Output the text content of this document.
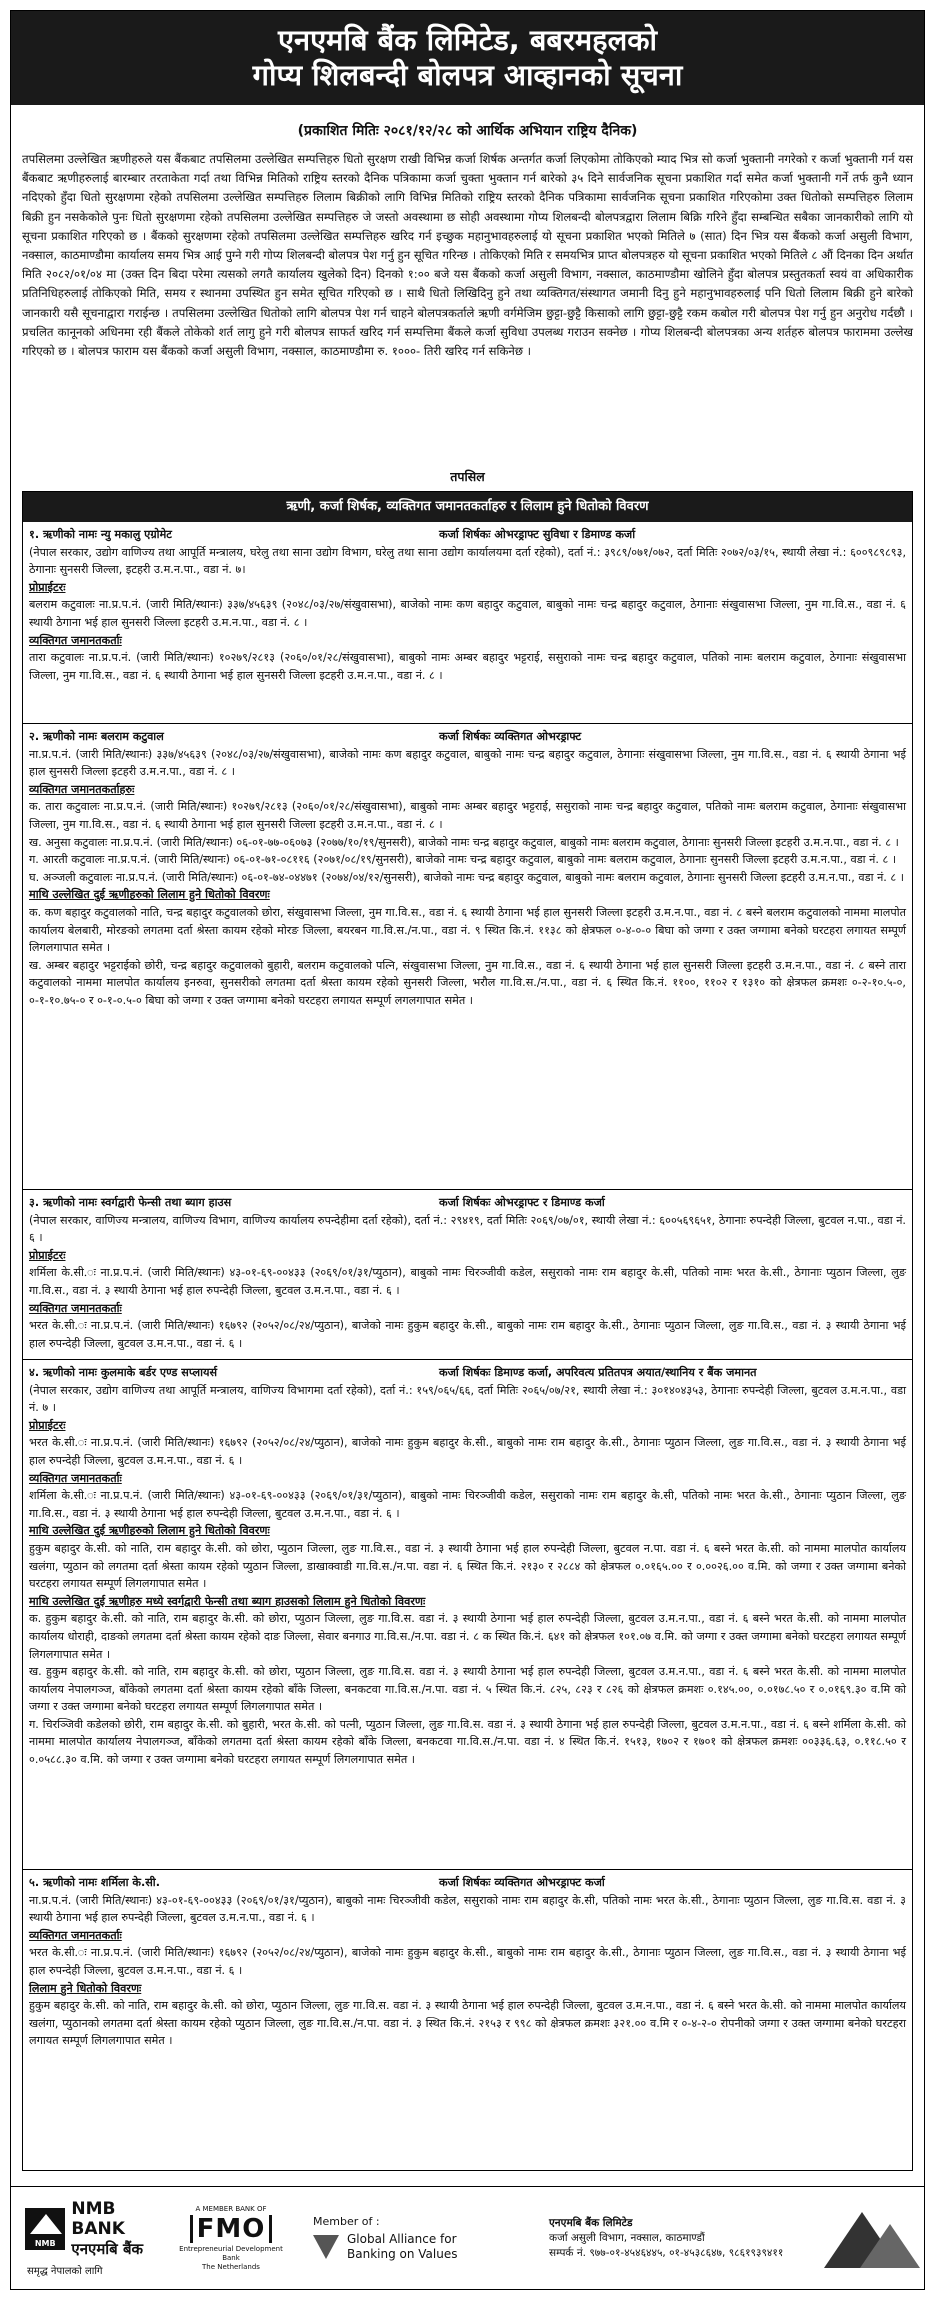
एनएमबि बैंक लिमिटेड, बबरमहलको
गोप्य शिलबन्दी बोलपत्र आव्हानको सूचना
(प्रकाशित मितिः २०८१/१२/२८ को आर्थिक अभियान राष्ट्रिय दैनिक)
तपसिलमा उल्लेखित ऋणीहरुले यस बैंकबाट तपसिलमा उल्लेखित सम्पत्तिहरु धितो सुरक्षण राखी विभिन्न कर्जा शिर्षक अन्तर्गत कर्जा लिएकोमा तोकिएको म्याद भित्र सो कर्जा भुक्तानी नगरेको र कर्जा भुक्तानी गर्न यस बैंकबाट ऋणीहरुलाई बारम्बार तरताकेता गर्दा तथा विभिन्न मितिको राष्ट्रिय स्तरको दैनिक पत्रिकामा कर्जा चुक्ता भुक्तान गर्न बारेको ३५ दिने सार्वजनिक सूचना प्रकाशित गर्दा समेत कर्जा भुक्तानी गर्ने तर्फ कुनै ध्यान नदिएको हुँदा धितो सुरक्षणमा रहेको तपसिलमा उल्लेखित सम्पत्तिहरु लिलाम बिक्रीको लागि विभिन्न मितिको राष्ट्रिय स्तरको दैनिक पत्रिकामा सार्वजनिक सूचना प्रकाशित गरिएकोमा उक्त धितोको सम्पत्तिहरु लिलाम बिक्री हुन नसकेकोले पुनः धितो सुरक्षणमा रहेको तपसिलमा उल्लेखित सम्पत्तिहरु जे जस्तो अवस्थामा छ सोही अवस्थामा गोप्य शिलबन्दी बोलपत्रद्वारा लिलाम बिक्रि गरिने हुँदा सम्बन्धित सबैका जानकारीको लागि यो सूचना प्रकाशित गरिएको छ । बैंकको सुरक्षणमा रहेको तपसिलमा उल्लेखित सम्पत्तिहरु खरिद गर्न इच्छुक महानुभावहरुलाई यो सूचना प्रकाशित भएको मितिले ७ (सात) दिन भित्र यस बैंकको कर्जा असुली विभाग, नक्साल, काठमाण्डौमा कार्यालय समय भित्र आई पुग्ने गरी गोप्य शिलबन्दी बोलपत्र पेश गर्नु हुन सूचित गरिन्छ । तोकिएको मिति र समयभित्र प्राप्त बोलपत्रहरु यो सूचना प्रकाशित भएको मितिले ८ औं दिनका दिन अर्थात मिति २०८२/०१/०४ मा (उक्त दिन बिदा परेमा त्यसको लगतै कार्यालय खुलेको दिन) दिनको १:०० बजे यस बैंकको कर्जा असुली विभाग, नक्साल, काठमाण्डौमा खोलिने हुँदा बोलपत्र प्रस्तुतकर्ता स्वयं वा अधिकारीक प्रतिनिधिहरुलाई तोकिएको मिति, समय र स्थानमा उपस्थित हुन समेत सूचित गरिएको छ । साथै धितो लिखिदिनु हुने तथा व्यक्तिगत/संस्थागत जमानी दिनु हुने महानुभावहरुलाई पनि धितो लिलाम बिक्री हुने बारेको जानकारी यसै सूचनाद्वारा गराईन्छ । तपसिलमा उल्लेखित धितोको लागि बोलपत्र पेश गर्न चाहने बोलपत्रकर्ताले ऋणी वर्गमेजिम छुट्टा-छुट्टै किसाको लागि छुट्टा-छुट्टै रकम कबोल गरी बोलपत्र पेश गर्नु हुन अनुरोध गर्दछौ । प्रचलित कानूनको अधिनमा रही बैंकले तोकेको शर्त लागु हुने गरी बोलपत्र साफर्त खरिद गर्न सम्पत्तिमा बैंकले कर्जा सुविधा उपलब्ध गराउन सक्नेछ । गोप्य शिलबन्दी बोलपत्रका अन्य शर्तहरु बोलपत्र फाराममा उल्लेख गरिएको छ । बोलपत्र फाराम यस बैंकको कर्जा असुली विभाग, नक्साल, काठमाण्डौमा रु. १०००- तिरी खरिद गर्न सकिनेछ ।
तपसिल
ऋणी, कर्जा शिर्षक, व्यक्तिगत जमानतकर्ताहरु र लिलाम हुने धितोको विवरण
१. ऋणीको नामः न्यु मकालु एग्रोमेट	कर्जा शिर्षकः ओभरड्राफ्ट सुविधा र डिमाण्ड कर्जा

(नेपाल सरकार, उद्योग वाणिज्य तथा आपूर्ति मन्त्रालय, घरेलु तथा साना उद्योग विभाग, घरेलु तथा साना उद्योग कार्यालयमा दर्ता रहेको), दर्ता नं.: ३९८९/०७१/०७२, दर्ता मितिः २०७२/०३/१५, स्थायी लेखा नं.: ६००९८९८९३, ठेगानाः सुनसरी जिल्ला, इटहरी उ.म.न.पा., वडा नं. ७।

प्रोप्राईटरः

बलराम कटुवालः ना.प्र.प.नं. (जारी मिति/स्थानः) ३३७/४५६३९ (२०४८/०३/२७/संखुवासभा), बाजेको नामः कण बहादुर कटुवाल, बाबुको नामः चन्द्र बहादुर कटुवाल, ठेगानाः संखुवासभा जिल्ला, नुम गा.वि.स., वडा नं. ६ स्थायी ठेगाना भई हाल सुनसरी जिल्ला इटहरी उ.म.न.पा., वडा नं. ८ ।

व्यक्तिगत जमानतकर्ताः

तारा कटुवालः ना.प्र.प.नं. (जारी मिति/स्थानः) १०२७९/२८१३ (२०६०/०१/२८/संखुवासभा), बाबुको नामः अम्बर बहादुर भट्टराई, ससुराको नामः चन्द्र बहादुर कटुवाल, पतिको नामः बलराम कटुवाल, ठेगानाः संखुवासभा जिल्ला, नुम गा.वि.स., वडा नं. ६ स्थायी ठेगाना भई हाल सुनसरी जिल्ला इटहरी उ.म.न.पा., वडा नं. ८ ।

२. ऋणीको नामः बलराम कटुवाल	कर्जा शिर्षकः व्यक्तिगत ओभरड्राफ्ट

ना.प्र.प.नं. (जारी मिति/स्थानः) ३३७/४५६३९ (२०४८/०३/२७/संखुवासभा), बाजेको नामः कण बहादुर कटुवाल, बाबुको नामः चन्द्र बहादुर कटुवाल, ठेगानाः संखुवासभा जिल्ला, नुम गा.वि.स., वडा नं. ६ स्थायी ठेगाना भई हाल सुनसरी जिल्ला इटहरी उ.म.न.पा., वडा नं. ८ ।

व्यक्तिगत जमानतकर्ताहरुः

क. तारा कटुवालः ना.प्र.प.नं. (जारी मिति/स्थानः) १०२७९/२८१३ (२०६०/०१/२८/संखुवासभा), बाबुको नामः अम्बर बहादुर भट्टराई, ससुराको नामः चन्द्र बहादुर कटुवाल, पतिको नामः बलराम कटुवाल, ठेगानाः संखुवासभा जिल्ला, नुम गा.वि.स., वडा नं. ६ स्थायी ठेगाना भई हाल सुनसरी जिल्ला इटहरी उ.म.न.पा., वडा नं. ८ ।

ख. अनुसा कटुवालः ना.प्र.प.नं. (जारी मिति/स्थानः) ०६-०१-७७-०६०७३ (२०७७/१०/१९/सुनसरी), बाजेको नामः चन्द्र बहादुर कटुवाल, बाबुको नामः बलराम कटुवाल, ठेगानाः सुनसरी जिल्ला इटहरी उ.म.न.पा., वडा नं. ८ ।

ग. आरती कटुवालः ना.प्र.प.नं. (जारी मिति/स्थानः) ०६-०१-७१-०८११६ (२०७१/०८/१९/सुनसरी), बाजेको नामः चन्द्र बहादुर कटुवाल, बाबुको नामः बलराम कटुवाल, ठेगानाः सुनसरी जिल्ला इटहरी उ.म.न.पा., वडा नं. ८ ।

घ. अञ्जली कटुवालः ना.प्र.प.नं. (जारी मिति/स्थानः) ०६-०१-७४-०४४७१ (२०७४/०४/१२/सुनसरी), बाजेको नामः चन्द्र बहादुर कटुवाल, बाबुको नामः बलराम कटुवाल, ठेगानाः सुनसरी जिल्ला इटहरी उ.म.न.पा., वडा नं. ८ ।

माथि उल्लेखित दुई ऋणीहरुको लिलाम हुने धितोको विवरणः

क. कण बहादुर कटुवालको नाति, चन्द्र बहादुर कटुवालको छोरा, संखुवासभा जिल्ला, नुम गा.वि.स., वडा नं. ६ स्थायी ठेगाना भई हाल सुनसरी जिल्ला इटहरी उ.म.न.पा., वडा नं. ८ बस्ने बलराम कटुवालको नाममा मालपोत कार्यालय बेलबारी, मोरङको लगतमा दर्ता श्रेस्ता कायम रहेको मोरङ जिल्ला, बयरबन गा.वि.स./न.पा., वडा नं. ९ स्थित कि.नं. ११३८ को क्षेत्रफल ०-४-०-० बिघा को जग्गा र उक्त जग्गामा बनेको घरटहरा लगायत सम्पूर्ण लिगलगापात समेत ।

ख. अम्बर बहादुर भट्टराईको छोरी, चन्द्र बहादुर कटुवालको बुहारी, बलराम कटुवालको पत्नि, संखुवासभा जिल्ला, नुम गा.वि.स., वडा नं. ६ स्थायी ठेगाना भई हाल सुनसरी जिल्ला इटहरी उ.म.न.पा., वडा नं. ८ बस्ने तारा कटुवालको नाममा मालपोत कार्यालय इनरुवा, सुनसरीको लगतमा दर्ता श्रेस्ता कायम रहेको सुनसरी जिल्ला, भरौल गा.वि.स./न.पा., वडा नं. ६ स्थित कि.नं. ११००, ११०२ र १३१० को क्षेत्रफल क्रमशः ०-२-१०.५-०, ०-१-१०.७५-० र ०-१-०.५-० बिघा को जग्गा र उक्त जग्गामा बनेको घरटहरा लगायत सम्पूर्ण लगलगापात समेत ।

३. ऋणीको नामः स्वर्गद्वारी फेन्सी तथा ब्याग हाउस	कर्जा शिर्षकः ओभरड्राफ्ट र डिमाण्ड कर्जा

(नेपाल सरकार, वाणिज्य मन्त्रालय, वाणिज्य विभाग, वाणिज्य कार्यालय रुपन्देहीमा दर्ता रहेको), दर्ता नं.: २९४१९, दर्ता मितिः २०६९/०७/०१, स्थायी लेखा नं.: ६००५६९६५१, ठेगानाः रुपन्देही जिल्ला, बुटवल न.पा., वडा नं. ६ ।

प्रोप्राईटरः

शर्मिला के.सी.ः ना.प्र.प.नं. (जारी मिति/स्थानः) ४३-०१-६९-००४३३ (२०६९/०१/३१/प्युठान), बाबुको नामः चिरञ्जीवी कडेल, ससुराको नामः राम बहादुर के.सी, पतिको नामः भरत के.सी., ठेगानाः प्युठान जिल्ला, लुङ गा.वि.स., वडा नं. ३ स्थायी ठेगाना भई हाल रुपन्देही जिल्ला, बुटवल उ.म.न.पा., वडा नं. ६ ।

व्यक्तिगत जमानतकर्ताः

भरत के.सी.ः ना.प्र.प.नं. (जारी मिति/स्थानः) १६७९२ (२०५२/०८/२४/प्युठान), बाजेको नामः हुकुम बहादुर के.सी., बाबुको नामः राम बहादुर के.सी., ठेगानाः प्युठान जिल्ला, लुङ गा.वि.स., वडा नं. ३ स्थायी ठेगाना भई हाल रुपन्देही जिल्ला, बुटवल उ.म.न.पा., वडा नं. ६ ।

४. ऋणीको नामः कुलमाके बर्डर एण्ड सप्लायर्स	कर्जा शिर्षकः डिमाण्ड कर्जा, अपरिवत्य प्रतितपत्र अयात/स्थानिय र बैंक जमानत

(नेपाल सरकार, उद्योग वाणिज्य तथा आपूर्ति मन्त्रालय, वाणिज्य विभागमा दर्ता रहेको), दर्ता नं.: १५९/०६५/६६, दर्ता मितिः २०६५/०७/२१, स्थायी लेखा नं.: ३०१४०४३५३, ठेगानाः रुपन्देही जिल्ला, बुटवल उ.म.न.पा., वडा नं. ७ ।

प्रोप्राईटरः

भरत के.सी.ः ना.प्र.प.नं. (जारी मिति/स्थानः) १६७९२ (२०५२/०८/२४/प्युठान), बाजेको नामः हुकुम बहादुर के.सी., बाबुको नामः राम बहादुर के.सी., ठेगानाः प्युठान जिल्ला, लुङ गा.वि.स., वडा नं. ३ स्थायी ठेगाना भई हाल रुपन्देही जिल्ला, बुटवल उ.म.न.पा., वडा नं. ६ ।

व्यक्तिगत जमानतकर्ताः

शर्मिला के.सी.ः ना.प्र.प.नं. (जारी मिति/स्थानः) ४३-०१-६९-००४३३ (२०६९/०१/३१/प्युठान), बाबुको नामः चिरञ्जीवी कडेल, ससुराको नामः राम बहादुर के.सी, पतिको नामः भरत के.सी., ठेगानाः प्युठान जिल्ला, लुङ गा.वि.स., वडा नं. ३ स्थायी ठेगाना भई हाल रुपन्देही जिल्ला, बुटवल उ.म.न.पा., वडा नं. ६ ।

माथि उल्लेखित दुई ऋणीहरुको लिलाम हुने धितोको विवरणः

हुकुम बहादुर के.सी. को नाति, राम बहादुर के.सी. को छोरा, प्युठान जिल्ला, लुङ गा.वि.स., वडा नं. ३ स्थायी ठेगाना भई हाल रुपन्देही जिल्ला, बुटवल न.पा. वडा नं. ६ बस्ने भरत के.सी. को नाममा मालपोत कार्यालय खलंगा, प्युठान को लगतमा दर्ता श्रेस्ता कायम रहेको प्युठान जिल्ला, डाखाक्वाडी गा.वि.स./न.पा. वडा नं. ६ स्थित कि.नं. २१३० र २८८४ को क्षेत्रफल ०.०१६५.०० र ०.००२६.०० व.मि. को जग्गा र उक्त जग्गामा बनेको घरटहरा लगायत सम्पूर्ण लिगलगापात समेत ।

माथि उल्लेखित दुई ऋणीहरु मध्ये स्वर्गद्वारी फेन्सी तथा ब्याग हाउसको लिलाम हुने धितोको विवरणः

क. हुकुम बहादुर के.सी. को नाति, राम बहादुर के.सी. को छोरा, प्युठान जिल्ला, लुङ गा.वि.स. वडा नं. ३ स्थायी ठेगाना भई हाल रुपन्देही जिल्ला, बुटवल उ.म.न.पा., वडा नं. ६ बस्ने भरत के.सी. को नाममा मालपोत कार्यालय धोराही, दाङको लगतमा दर्ता श्रेस्ता कायम रहेको दाङ जिल्ला, सेवार बनगाउ गा.वि.स./न.पा. वडा नं. ८ क स्थित कि.नं. ६४१ को क्षेत्रफल १०१.०७ व.मि. को जग्गा र उक्त जग्गामा बनेको घरटहरा लगायत सम्पूर्ण लिगलगापात समेत ।

ख. हुकुम बहादुर के.सी. को नाति, राम बहादुर के.सी. को छोरा, प्युठान जिल्ला, लुङ गा.वि.स. वडा नं. ३ स्थायी ठेगाना भई हाल रुपन्देही जिल्ला, बुटवल उ.म.न.पा., वडा नं. ६ बस्ने भरत के.सी. को नाममा मालपोत कार्यालय नेपालगञ्ज, बाँकेको लगतमा दर्ता श्रेस्ता कायम रहेको बाँके जिल्ला, बनकटवा गा.वि.स./न.पा. वडा नं. ५ स्थित कि.नं. ८२५, ८२३ र ८२६ को क्षेत्रफल क्रमशः ०.१४५.००, ०.०१७८.५० र ०.०१६९.३० व.मि को जग्गा र उक्त जग्गामा बनेको घरटहरा लगायत सम्पूर्ण लिगलगापात समेत ।

ग. चिरञ्जिवी कडेलको छोरी, राम बहादुर के.सी. को बुहारी, भरत के.सी. को पत्नी, प्युठान जिल्ला, लुङ गा.वि.स. वडा नं. ३ स्थायी ठेगाना भई हाल रुपन्देही जिल्ला, बुटवल उ.म.न.पा., वडा नं. ६ बस्ने शर्मिला के.सी. को नाममा मालपोत कार्यालय नेपालगञ्ज, बाँकेको लगतमा दर्ता श्रेस्ता कायम रहेको बाँके जिल्ला, बनकटवा गा.वि.स./न.पा. वडा नं. ४ स्थित कि.नं. १५१३, १७०२ र १७०१ को क्षेत्रफल क्रमशः ००३३६.६३, ०.११८.५० र ०.०५८८.३० व.मि. को जग्गा र उक्त जग्गामा बनेको घरटहरा लगायत सम्पूर्ण लिगलगापात समेत ।

५. ऋणीको नामः शर्मिला के.सी.	कर्जा शिर्षकः व्यक्तिगत ओभरड्राफ्ट कर्जा

ना.प्र.प.नं. (जारी मिति/स्थानः) ४३-०१-६९-००४३३ (२०६९/०१/३१/प्युठान), बाबुको नामः चिरञ्जीवी कडेल, ससुराको नामः राम बहादुर के.सी, पतिको नामः भरत के.सी., ठेगानाः प्युठान जिल्ला, लुङ गा.वि.स. वडा नं. ३ स्थायी ठेगाना भई हाल रुपन्देही जिल्ला, बुटवल उ.म.न.पा., वडा नं. ६ ।

व्यक्तिगत जमानतकर्ताः

भरत के.सी.ः ना.प्र.प.नं. (जारी मिति/स्थानः) १६७९२ (२०५२/०८/२४/प्युठान), बाजेको नामः हुकुम बहादुर के.सी., बाबुको नामः राम बहादुर के.सी., ठेगानाः प्युठान जिल्ला, लुङ गा.वि.स., वडा नं. ३ स्थायी ठेगाना भई हाल रुपन्देही जिल्ला, बुटवल उ.म.न.पा., वडा नं. ६ ।

लिलाम हुने धितोको विवरणः

हुकुम बहादुर के.सी. को नाति, राम बहादुर के.सी. को छोरा, प्युठान जिल्ला, लुङ गा.वि.स. वडा नं. ३ स्थायी ठेगाना भई हाल रुपन्देही जिल्ला, बुटवल उ.म.न.पा., वडा नं. ६ बस्ने भरत के.सी. को नाममा मालपोत कार्यालय खलंगा, प्युठानको लगतमा दर्ता श्रेस्ता कायम रहेको प्युठान जिल्ला, लुङ गा.वि.स./न.पा. वडा नं. ३ स्थित कि.नं. २१५३ र ९९८ को क्षेत्रफल क्रमशः ३२१.०० व.मि र ०-४-२-० रोपनीको जग्गा र उक्त जग्गामा बनेको घरटहरा लगायत सम्पूर्ण लिगलगापात समेत ।

NMB
NMB BANK
एनएमबि बैंक
समृद्ध नेपालको लागि
A MEMBER BANK OF
FMO
Entrepreneurial Development Bank
The Netherlands
Member of :
Global Alliance for
Banking on Values
एनएमबि बैंक लिमिटेड
कर्जा असुली विभाग, नक्साल, काठमाण्डौं
सम्पर्क नं. ९७७-०१-४५४६४४५, ०१-४५३८६४७, ९८६१९३९४११
